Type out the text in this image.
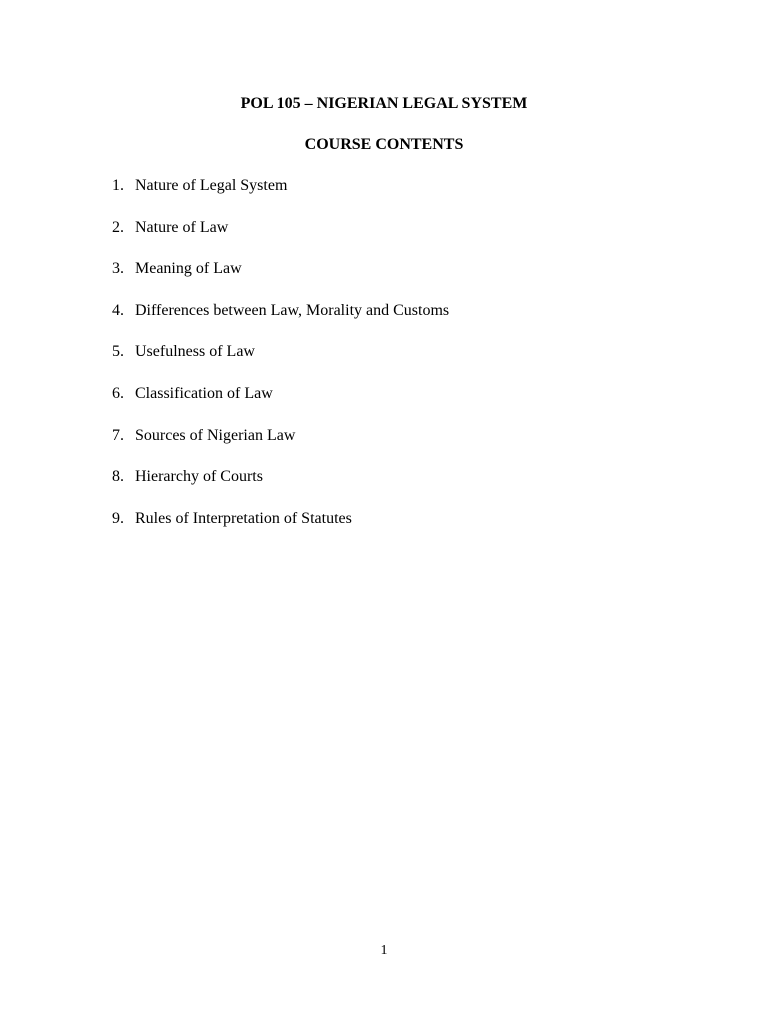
POL 105 – NIGERIAN LEGAL SYSTEM
COURSE CONTENTS
1. Nature of Legal System
2. Nature of Law
3. Meaning of Law
4. Differences between Law, Morality and Customs
5. Usefulness of Law
6. Classification of Law
7. Sources of Nigerian Law
8. Hierarchy of Courts
9. Rules of Interpretation of Statutes
1
